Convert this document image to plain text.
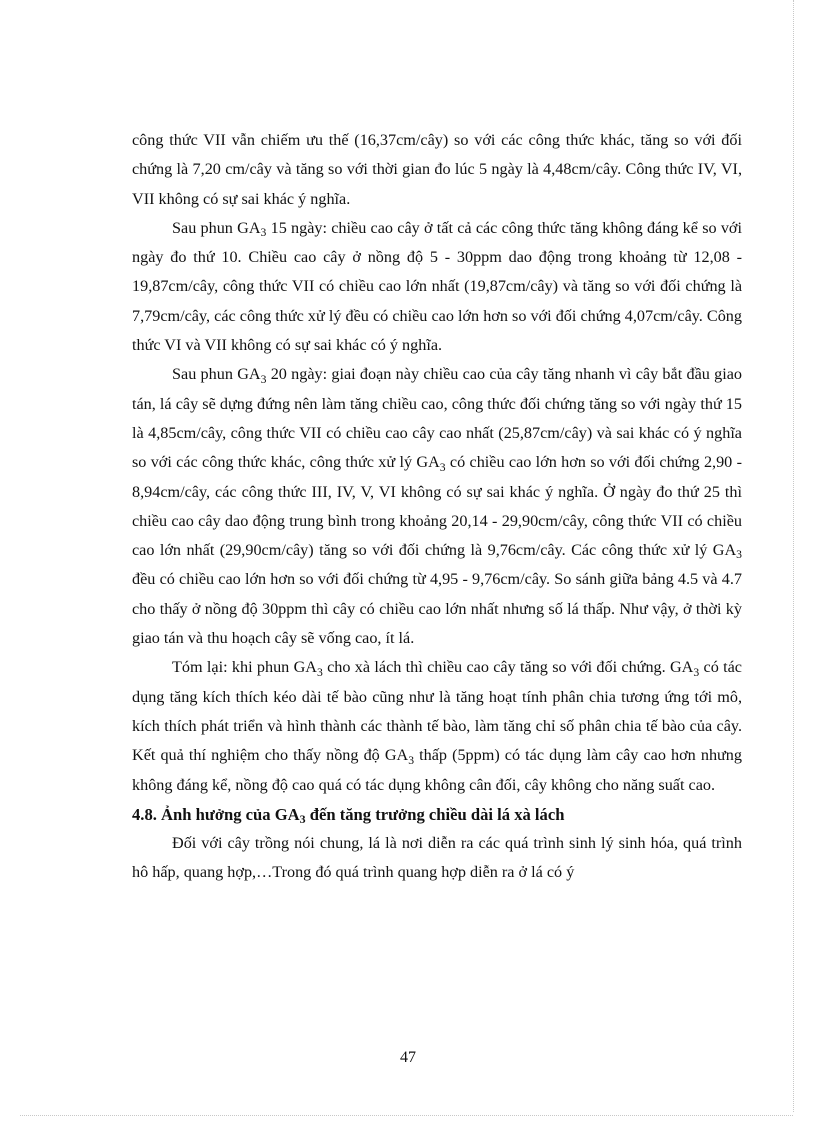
công thức VII vẫn chiếm ưu thế (16,37cm/cây) so với các công thức khác, tăng so với đối chứng là 7,20 cm/cây và tăng so với thời gian đo lúc 5 ngày là 4,48cm/cây. Công thức IV, VI, VII không có sự sai khác ý nghĩa.

Sau phun $GA_3$ 15 ngày: chiều cao cây ở tất cả các công thức tăng không đáng kể so với ngày đo thứ 10. Chiều cao cây ở nồng độ 5 - 30ppm dao động trong khoảng từ 12,08 - 19,87cm/cây, công thức VII có chiều cao lớn nhất (19,87cm/cây) và tăng so với đối chứng là 7,79cm/cây, các công thức xử lý đều có chiều cao lớn hơn so với đối chứng 4,07cm/cây. Công thức VI và VII không có sự sai khác có ý nghĩa.

Sau phun $GA_3$ 20 ngày: giai đoạn này chiều cao của cây tăng nhanh vì cây bắt đầu giao tán, lá cây sẽ dựng đứng nên làm tăng chiều cao, công thức đối chứng tăng so với ngày thứ 15 là 4,85cm/cây, công thức VII có chiều cao cây cao nhất (25,87cm/cây) và sai khác có ý nghĩa so với các công thức khác, công thức xử lý $GA_3$ có chiều cao lớn hơn so với đối chứng 2,90 - 8,94cm/cây, các công thức III, IV, V, VI không có sự sai khác ý nghĩa. Ở ngày đo thứ 25 thì chiều cao cây dao động trung bình trong khoảng 20,14 - 29,90cm/cây, công thức VII có chiều cao lớn nhất (29,90cm/cây) tăng so với đối chứng là 9,76cm/cây. Các công thức xử lý $GA_3$ đều có chiều cao lớn hơn so với đối chứng từ 4,95 - 9,76cm/cây. So sánh giữa bảng 4.5 và 4.7 cho thấy ở nồng độ 30ppm thì cây có chiều cao lớn nhất nhưng số lá thấp. Như vậy, ở thời kỳ giao tán và thu hoạch cây sẽ vống cao, ít lá.

Tóm lại: khi phun $GA_3$ cho xà lách thì chiều cao cây tăng so với đối chứng. $GA_3$ có tác dụng tăng kích thích kéo dài tế bào cũng như là tăng hoạt tính phân chia tương ứng tới mô, kích thích phát triển và hình thành các thành tế bào, làm tăng chỉ số phân chia tế bào của cây. Kết quả thí nghiệm cho thấy nồng độ $GA_3$ thấp (5ppm) có tác dụng làm cây cao hơn nhưng không đáng kể, nồng độ cao quá có tác dụng không cân đối, cây không cho năng suất cao.

4.8. Ảnh hưởng của $GA_3$ đến tăng trưởng chiều dài lá xà lách

Đối với cây trồng nói chung, lá là nơi diễn ra các quá trình sinh lý sinh hóa, quá trình hô hấp, quang hợp,…Trong đó quá trình quang hợp diễn ra ở lá có ý

47
